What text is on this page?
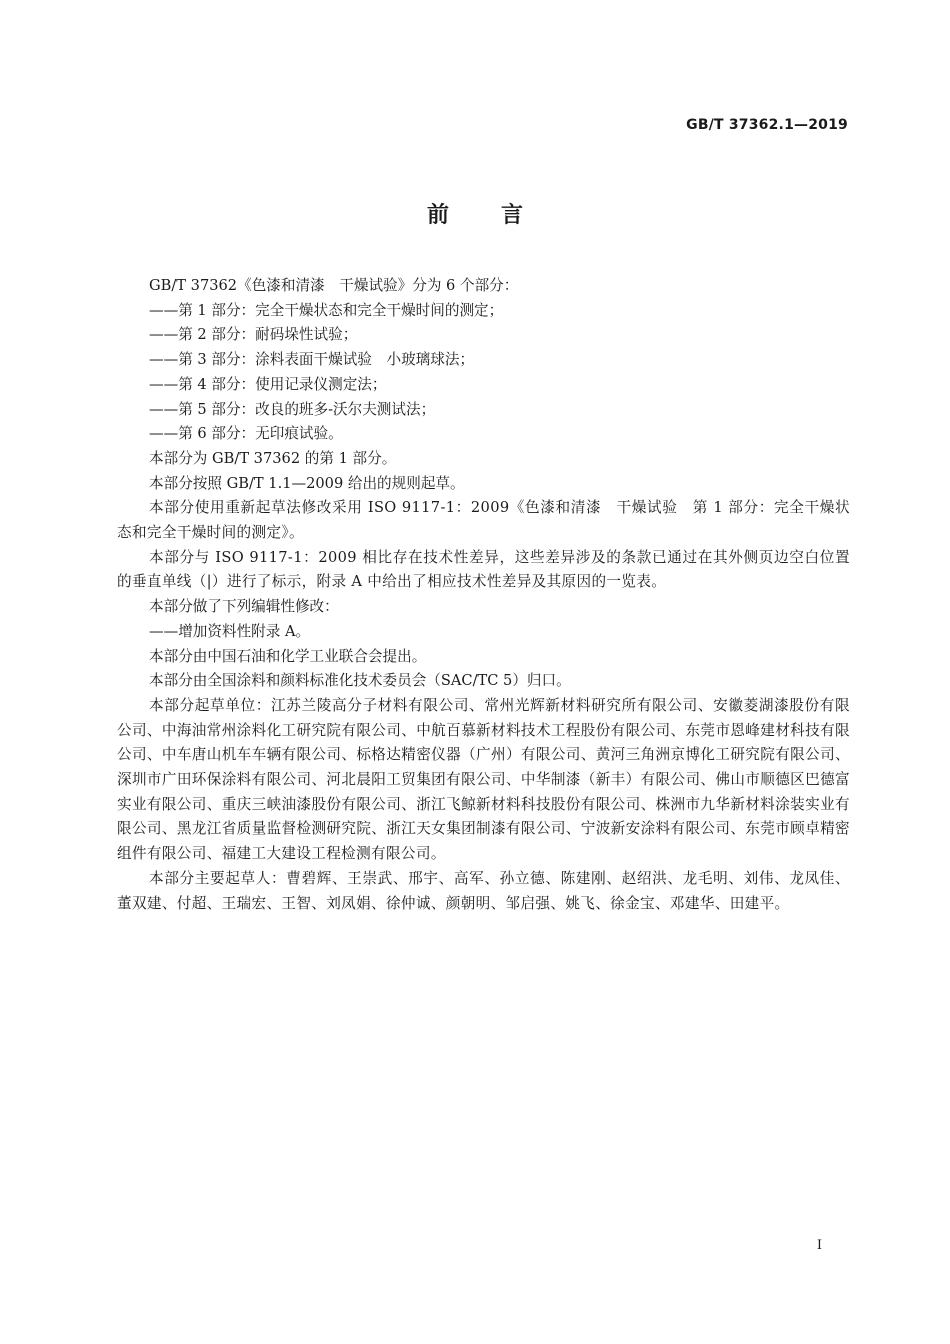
GB/T 37362.1—2019
前言

GB/T 37362《色漆和清漆　干燥试验》分为 6 个部分：

——第 1 部分：完全干燥状态和完全干燥时间的测定；

——第 2 部分：耐码垛性试验；

——第 3 部分：涂料表面干燥试验　小玻璃球法；

——第 4 部分：使用记录仪测定法；

——第 5 部分：改良的班多-沃尔夫测试法；

——第 6 部分：无印痕试验。

本部分为 GB/T 37362 的第 1 部分。

本部分按照 GB/T 1.1—2009 给出的规则起草。

本部分使用重新起草法修改采用 ISO 9117-1：2009《色漆和清漆　干燥试验　第 1 部分：完全干燥状态和完全干燥时间的测定》。

本部分与 ISO 9117-1：2009 相比存在技术性差异，这些差异涉及的条款已通过在其外侧页边空白位置的垂直单线（|）进行了标示，附录 A 中给出了相应技术性差异及其原因的一览表。

本部分做了下列编辑性修改：

——增加资料性附录 A。

本部分由中国石油和化学工业联合会提出。

本部分由全国涂料和颜料标准化技术委员会（SAC/TC 5）归口。

本部分起草单位：江苏兰陵高分子材料有限公司、常州光辉新材料研究所有限公司、安徽菱湖漆股份有限公司、中海油常州涂料化工研究院有限公司、中航百慕新材料技术工程股份有限公司、东莞市恩峰建材科技有限公司、中车唐山机车车辆有限公司、标格达精密仪器（广州）有限公司、黄河三角洲京博化工研究院有限公司、深圳市广田环保涂料有限公司、河北晨阳工贸集团有限公司、中华制漆（新丰）有限公司、佛山市顺德区巴德富实业有限公司、重庆三峡油漆股份有限公司、浙江飞鲸新材料科技股份有限公司、株洲市九华新材料涂装实业有限公司、黑龙江省质量监督检测研究院、浙江天女集团制漆有限公司、宁波新安涂料有限公司、东莞市顾卓精密组件有限公司、福建工大建设工程检测有限公司。

本部分主要起草人：曹碧辉、王崇武、邢宇、高军、孙立德、陈建刚、赵绍洪、龙毛明、刘伟、龙凤佳、董双建、付超、王瑞宏、王智、刘凤娟、徐仲诚、颜朝明、邹启强、姚飞、徐金宝、邓建华、田建平。

I
